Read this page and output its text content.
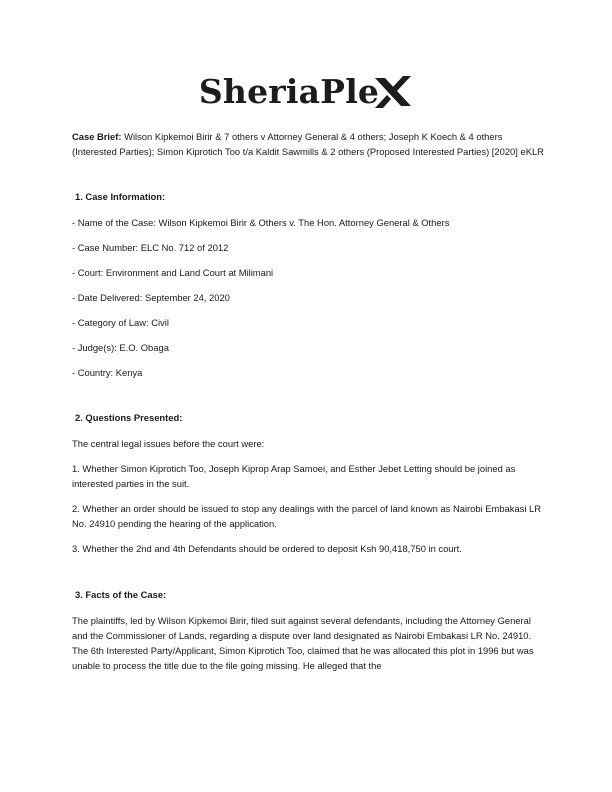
SheriaPle

Case Brief: Wilson Kipkemoi Birir & 7 others v Attorney General & 4 others; Joseph K Koech & 4 others (Interested Parties); Simon Kiprotich Too t/a Kaldit Sawmills & 2 others (Proposed Interested Parties) [2020] eKLR

1. Case Information:

- Name of the Case: Wilson Kipkemoi Birir & Others v. The Hon. Attorney General & Others

- Case Number: ELC No. 712 of 2012

- Court: Environment and Land Court at Milimani

- Date Delivered: September 24, 2020

- Category of Law: Civil

- Judge(s): E.O. Obaga

- Country: Kenya

2. Questions Presented:

The central legal issues before the court were:

1. Whether Simon Kiprotich Too, Joseph Kiprop Arap Samoei, and Esther Jebet Letting should be joined as interested parties in the suit.

2. Whether an order should be issued to stop any dealings with the parcel of land known as Nairobi Embakasi LR No. 24910 pending the hearing of the application.

3. Whether the 2nd and 4th Defendants should be ordered to deposit Ksh 90,418,750 in court.

3. Facts of the Case:

The plaintiffs, led by Wilson Kipkemoi Birir, filed suit against several defendants, including the Attorney General and the Commissioner of Lands, regarding a dispute over land designated as Nairobi Embakasi LR No. 24910. The 6th Interested Party/Applicant, Simon Kiprotich Too, claimed that he was allocated this plot in 1996 but was unable to process the title due to the file going missing. He alleged that the
